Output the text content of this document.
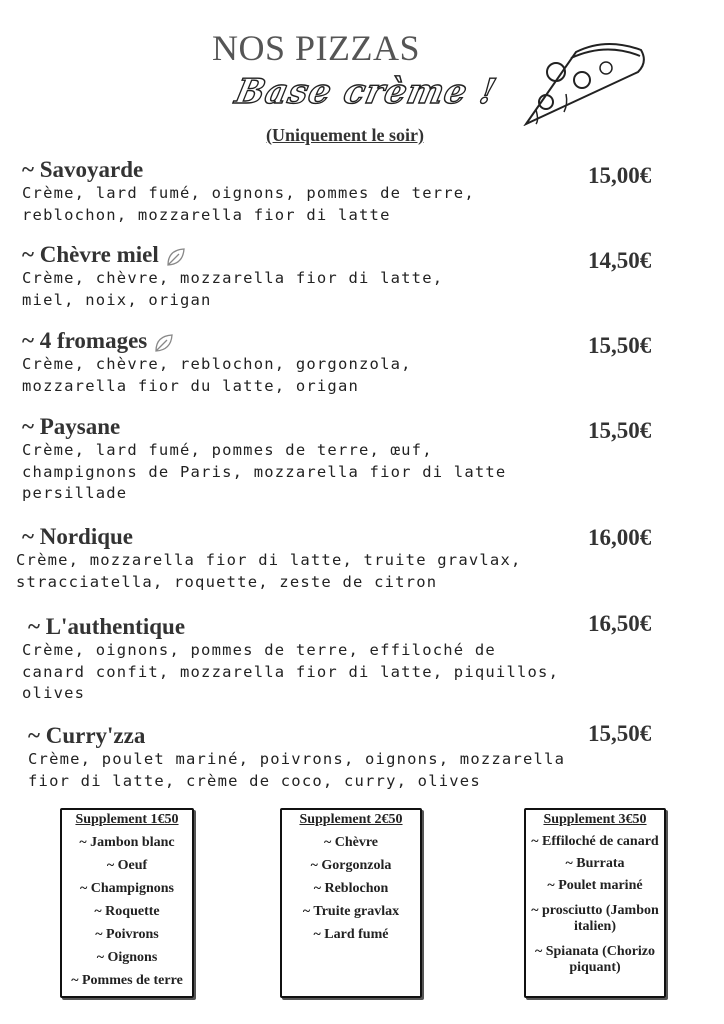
NOS PIZZAS
Base crème !
(Uniquement le soir)
~ Savoyarde
Crème, lard fumé, oignons, pommes de terre,
reblochon, mozzarella fior di latte
15,00€
~ Chèvre miel
Crème, chèvre, mozzarella fior di latte,
miel, noix, origan
14,50€
~ 4 fromages
Crème, chèvre, reblochon, gorgonzola,
mozzarella fior du latte, origan
15,50€
~ Paysane
Crème, lard fumé, pommes de terre, œuf,
champignons de Paris, mozzarella fior di latte
persillade
15,50€
~ Nordique
Crème, mozzarella fior di latte, truite gravlax,
stracciatella, roquette, zeste de citron
16,00€
~ L'authentique
Crème, oignons, pommes de terre, effiloché de
canard confit, mozzarella fior di latte, piquillos,
olives
16,50€
~ Curry'zza
Crème, poulet mariné, poivrons, oignons, mozzarella
fior di latte, crème de coco, curry, olives
15,50€
Supplement 1€50
~ Jambon blanc
~ Oeuf
~ Champignons
~ Roquette
~ Poivrons
~ Oignons
~ Pommes de terre
Supplement 2€50
~ Chèvre
~ Gorgonzola
~ Reblochon
~ Truite gravlax
~ Lard fumé
Supplement 3€50
~ Effiloché de canard
~ Burrata
~ Poulet mariné
~ prosciutto (Jambon italien)
~ Spianata (Chorizo piquant)
